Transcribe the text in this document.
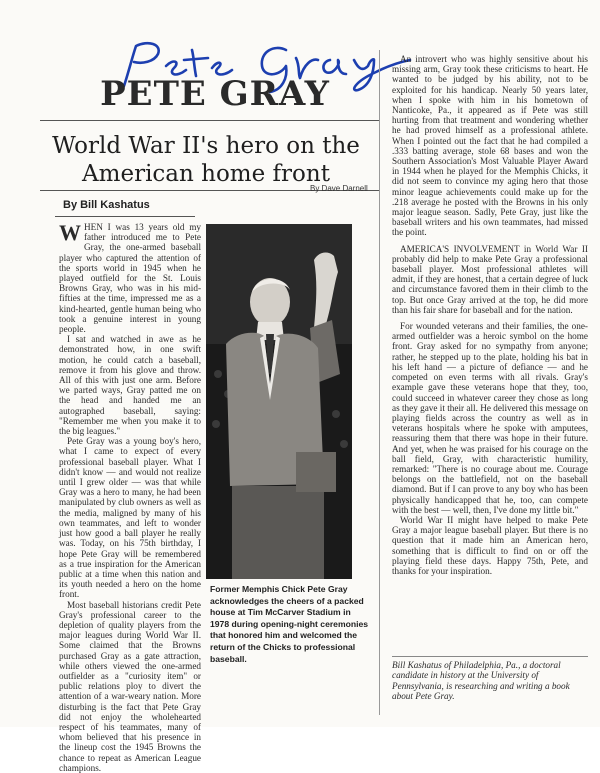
Pete Gray
PETE GRAY
World War II's hero on the American home front
By Dave Darnell
By Bill Kashatus

WHEN I was 13 years old my father introduced me to Pete Gray, the one-armed baseball player who captured the attention of the sports world in 1945 when he played outfield for the St. Louis Browns Gray, who was in his mid-fifties at the time, impressed me as a kind-hearted, gentle human being who took a genuine interest in young people.

I sat and watched in awe as he demonstrated how, in one swift motion, he could catch a baseball, remove it from his glove and throw. All of this with just one arm. Before we parted ways, Gray patted me on the head and handed me an autographed baseball, saying: "Remember me when you make it to the big leagues."

Pete Gray was a young boy's hero, what I came to expect of every professional baseball player. What I didn't know — and would not realize until I grew older — was that while Gray was a hero to many, he had been manipulated by club owners as well as the media, maligned by many of his own teammates, and left to wonder just how good a ball player he really was. Today, on his 75th birthday, I hope Pete Gray will be remembered as a true inspiration for the American public at a time when this nation and its youth needed a hero on the home front.

Most baseball historians credit Pete Gray's professional career to the depletion of quality players from the major leagues during World War II. Some claimed that the Browns purchased Gray as a gate attraction, while others viewed the one-armed outfielder as a "curiosity item" or public relations ploy to divert the attention of a war-weary nation. More disturbing is the fact that Pete Gray did not enjoy the wholehearted respect of his teammates, many of whom believed that his presence in the lineup cost the 1945 Browns the chance to repeat as American League champions.

Former Memphis Chick Pete Gray acknowledges the cheers of a packed house at Tim McCarver Stadium in 1978 during opening-night ceremonies that honored him and welcomed the return of the Chicks to professional baseball.

An introvert who was highly sensitive about his missing arm, Gray took these criticisms to heart. He wanted to be judged by his ability, not to be exploited for his handicap. Nearly 50 years later, when I spoke with him in his hometown of Nanticoke, Pa., it appeared as if Pete was still hurting from that treatment and wondering whether he had proved himself as a professional athlete. When I pointed out the fact that he had compiled a .333 batting average, stole 68 bases and won the Southern Association's Most Valuable Player Award in 1944 when he played for the Memphis Chicks, it did not seem to convince my aging hero that those minor league achievements could make up for the .218 average he posted with the Browns in his only major league season. Sadly, Pete Gray, just like the baseball writers and his own teammates, had missed the point.

AMERICA'S INVOLVEMENT in World War II probably did help to make Pete Gray a professional baseball player. Most professional athletes will admit, if they are honest, that a certain degree of luck and circumstance favored them in their climb to the top. But once Gray arrived at the top, he did more than his fair share for baseball and for the nation.

For wounded veterans and their families, the one-armed outfielder was a heroic symbol on the home front. Gray asked for no sympathy from anyone; rather, he stepped up to the plate, holding his bat in his left hand — a picture of defiance — and he competed on even terms with all rivals. Gray's example gave these veterans hope that they, too, could succeed in whatever career they chose as long as they gave it their all. He delivered this message on playing fields across the country as well as in veterans hospitals where he spoke with amputees, reassuring them that there was hope in their future. And yet, when he was praised for his courage on the ball field, Gray, with characteristic humility, remarked: "There is no courage about me. Courage belongs on the battlefield, not on the baseball diamond. But if I can prove to any boy who has been physically handicapped that he, too, can compete with the best — well, then, I've done my little bit."

World War II might have helped to make Pete Gray a major league baseball player. But there is no question that it made him an American hero, something that is difficult to find on or off the playing field these days. Happy 75th, Pete, and thanks for your inspiration.

Bill Kashatus of Philadelphia, Pa., a doctoral candidate in history at the University of Pennsylvania, is researching and writing a book about Pete Gray.
